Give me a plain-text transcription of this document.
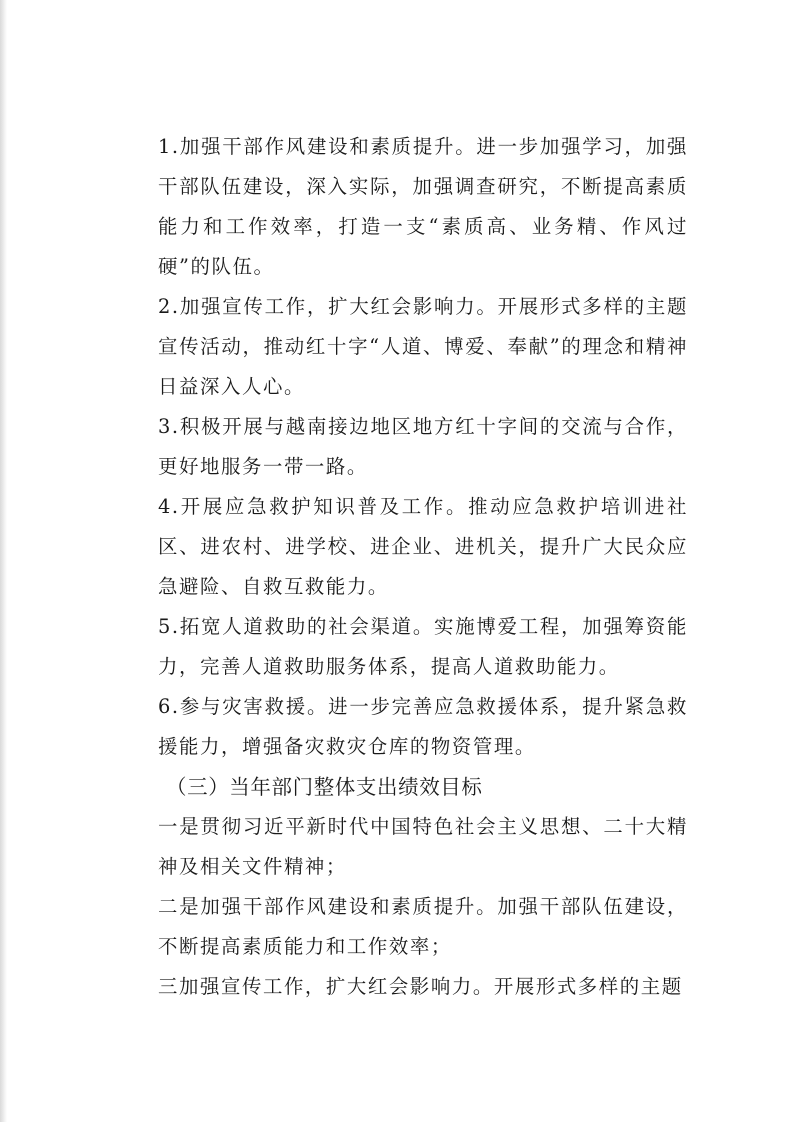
1.加强干部作风建设和素质提升。进一步加强学习，加强干部队伍建设，深入实际，加强调查研究，不断提高素质能力和工作效率，打造一支“素质高、业务精、作风过硬”的队伍。

2.加强宣传工作，扩大红会影响力。开展形式多样的主题宣传活动，推动红十字“人道、博爱、奉献”的理念和精神日益深入人心。

3.积极开展与越南接边地区地方红十字间的交流与合作，更好地服务一带一路。

4.开展应急救护知识普及工作。推动应急救护培训进社区、进农村、进学校、进企业、进机关，提升广大民众应急避险、自救互救能力。

5.拓宽人道救助的社会渠道。实施博爱工程，加强筹资能力，完善人道救助服务体系，提高人道救助能力。

6.参与灾害救援。进一步完善应急救援体系，提升紧急救援能力，增强备灾救灾仓库的物资管理。

（三）当年部门整体支出绩效目标

一是贯彻习近平新时代中国特色社会主义思想、二十大精神及相关文件精神；

二是加强干部作风建设和素质提升。加强干部队伍建设，不断提高素质能力和工作效率；

三加强宣传工作，扩大红会影响力。开展形式多样的主题
